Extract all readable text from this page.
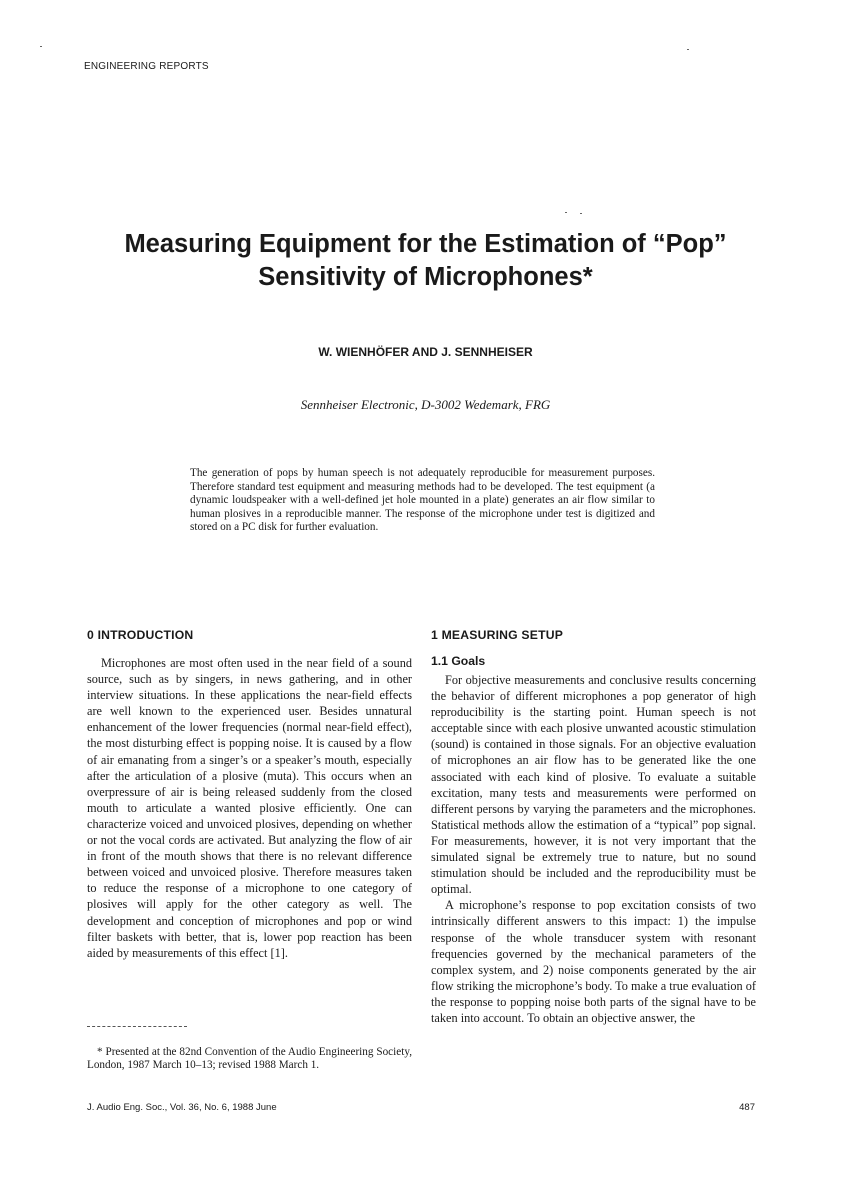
ENGINEERING REPORTS
Measuring Equipment for the Estimation of “Pop”
Sensitivity of Microphones*
W. WIENHÖFER AND J. SENNHEISER
Sennheiser Electronic, D-3002 Wedemark, FRG
The generation of pops by human speech is not adequately reproducible for measurement purposes. Therefore standard test equipment and measuring methods had to be developed. The test equipment (a dynamic loudspeaker with a well-defined jet hole mounted in a plate) generates an air flow similar to human plosives in a reproducible manner. The response of the microphone under test is digitized and stored on a PC disk for further evaluation.
0 INTRODUCTION

Microphones are most often used in the near field of a sound source, such as by singers, in news gathering, and in other interview situations. In these applications the near-field effects are well known to the experienced user. Besides unnatural enhancement of the lower frequencies (normal near-field effect), the most disturbing effect is popping noise. It is caused by a flow of air emanating from a singer’s or a speaker’s mouth, especially after the articulation of a plosive (muta). This occurs when an overpressure of air is being released suddenly from the closed mouth to articulate a wanted plosive efficiently. One can characterize voiced and unvoiced plosives, depending on whether or not the vocal cords are activated. But analyzing the flow of air in front of the mouth shows that there is no relevant difference between voiced and unvoiced plosive. Therefore measures taken to reduce the response of a microphone to one category of plosives will apply for the other category as well. The development and conception of microphones and pop or wind filter baskets with better, that is, lower pop reaction has been aided by measurements of this effect [1].

* Presented at the 82nd Convention of the Audio Engineering Society, London, 1987 March 10–13; revised 1988 March 1.
1 MEASURING SETUP
1.1 Goals

For objective measurements and conclusive results concerning the behavior of different microphones a pop generator of high reproducibility is the starting point. Human speech is not acceptable since with each plosive unwanted acoustic stimulation (sound) is contained in those signals. For an objective evaluation of microphones an air flow has to be generated like the one associated with each kind of plosive. To evaluate a suitable excitation, many tests and measurements were performed on different persons by varying the parameters and the microphones. Statistical methods allow the estimation of a “typical” pop signal. For measurements, however, it is not very important that the simulated signal be extremely true to nature, but no sound stimulation should be included and the reproducibility must be optimal.

A microphone’s response to pop excitation consists of two intrinsically different answers to this impact: 1) the impulse response of the whole transducer system with resonant frequencies governed by the mechanical parameters of the complex system, and 2) noise components generated by the air flow striking the microphone’s body. To make a true evaluation of the response to popping noise both parts of the signal have to be taken into account. To obtain an objective answer, the

J. Audio Eng. Soc., Vol. 36, No. 6, 1988 June	487
